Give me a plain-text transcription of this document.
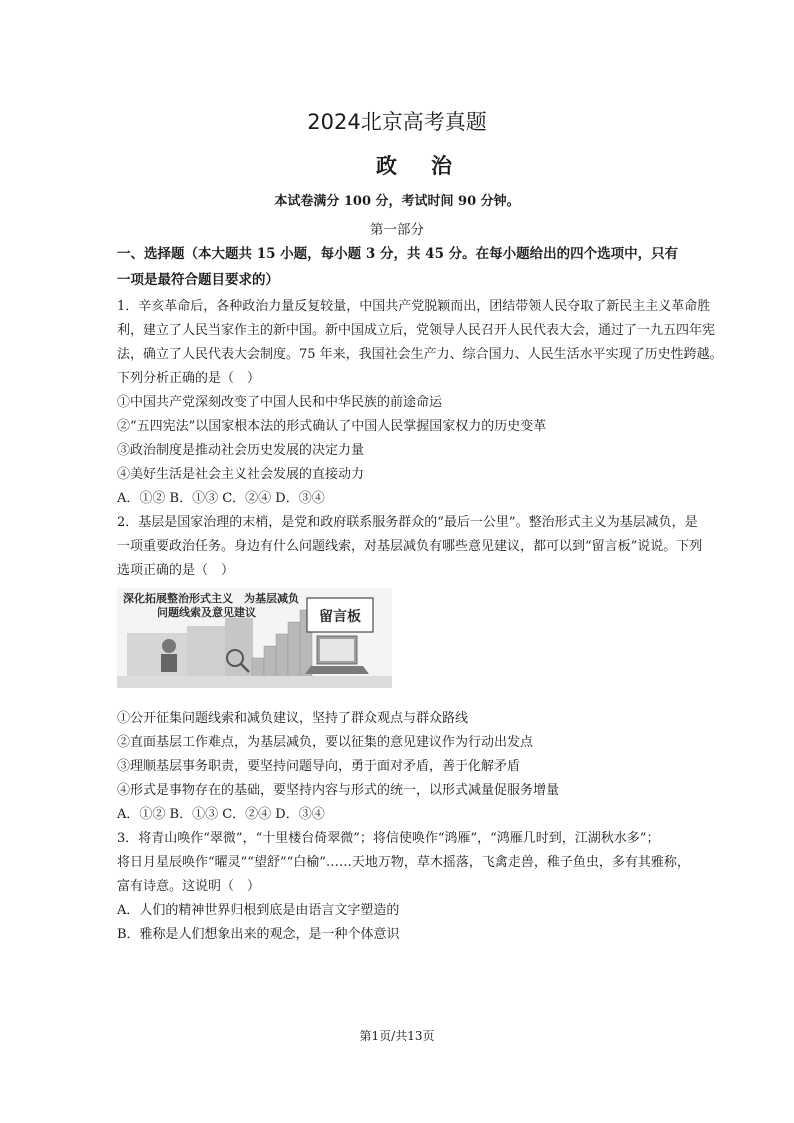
2024北京高考真题
政治
本试卷满分 100 分，考试时间 90 分钟。
第一部分
一、选择题（本大题共 15 小题，每小题 3 分，共 45 分。在每小题给出的四个选项中，只有
一项是最符合题目要求的）
1．辛亥革命后，各种政治力量反复较量，中国共产党脱颖而出，团结带领人民夺取了新民主主义革命胜
利，建立了人民当家作主的新中国。新中国成立后，党领导人民召开人民代表大会，通过了一九五四年宪
法，确立了人民代表大会制度。75 年来，我国社会生产力、综合国力、人民生活水平实现了历史性跨越。
下列分析正确的是（　）
①中国共产党深刻改变了中国人民和中华民族的前途命运
②“五四宪法”以国家根本法的形式确认了中国人民掌握国家权力的历史变革
③政治制度是推动社会历史发展的决定力量
④美好生活是社会主义社会发展的直接动力
A．①② B．①③ C．②④ D．③④
2．基层是国家治理的末梢，是党和政府联系服务群众的“最后一公里”。整治形式主义为基层减负，是
一项重要政治任务。身边有什么问题线索，对基层减负有哪些意见建议，都可以到“留言板”说说。下列
选项正确的是（　）
留言板
深化拓展整治形式主义　为基层减负
问题线索及意见建议
①公开征集问题线索和减负建议，坚持了群众观点与群众路线
②直面基层工作难点，为基层减负，要以征集的意见建议作为行动出发点
③理顺基层事务职责，要坚持问题导向，勇于面对矛盾，善于化解矛盾
④形式是事物存在的基础，要坚持内容与形式的统一，以形式减量促服务增量
A．①② B．①③ C．②④ D．③④
3．将青山唤作“翠微”，“十里楼台倚翠微”；将信使唤作“鸿雁”，“鸿雁几时到，江湖秋水多”；
将日月星辰唤作“曜灵”“望舒”“白榆”……天地万物，草木摇落，飞禽走兽，稚子鱼虫，多有其雅称，
富有诗意。这说明（　）
A．人们的精神世界归根到底是由语言文字塑造的
B．雅称是人们想象出来的观念，是一种个体意识
第1页/共13页
